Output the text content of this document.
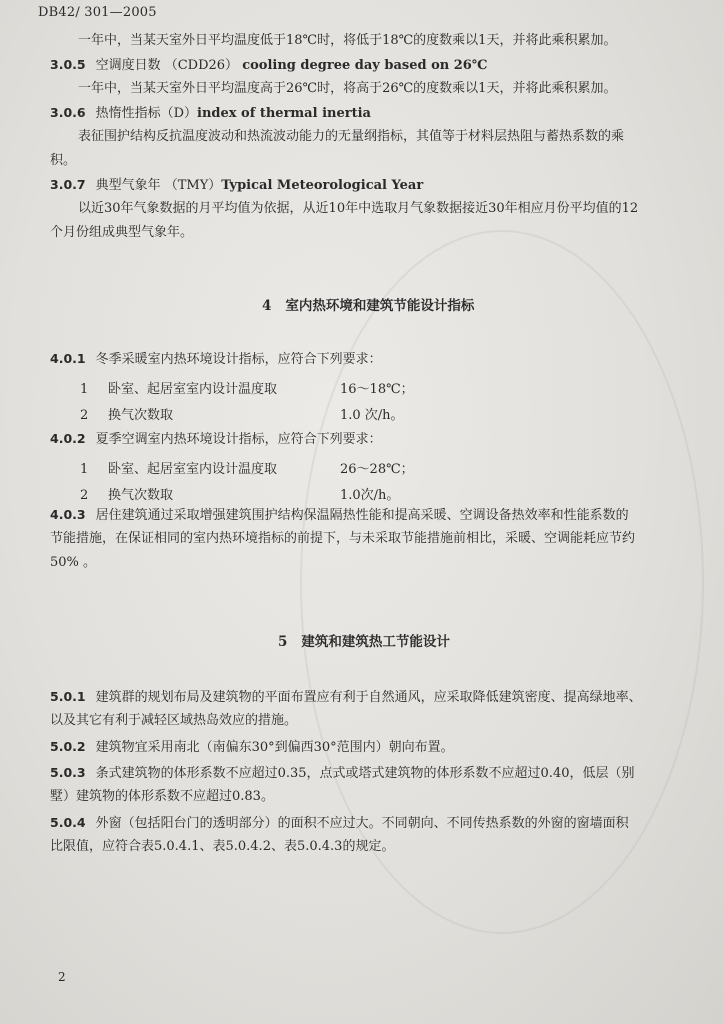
DB42/ 301—2005
一年中，当某天室外日平均温度低于18℃时，将低于18℃的度数乘以1天，并将此乘积累加。
3.0.5 空调度日数 （CDD26） cooling degree day based on 26℃
一年中，当某天室外日平均温度高于26℃时，将高于26℃的度数乘以1天，并将此乘积累加。
3.0.6 热惰性指标（D）index of thermal inertia
表征围护结构反抗温度波动和热流波动能力的无量纲指标，其值等于材料层热阻与蓄热系数的乘
积。
3.0.7 典型气象年 （TMY）Typical Meteorological Year
以近30年气象数据的月平均值为依据，从近10年中选取月气象数据接近30年相应月份平均值的12
个月份组成典型气象年。
4 室内热环境和建筑节能设计指标
4.0.1 冬季采暖室内热环境设计指标，应符合下列要求：
1 卧室、起居室室内设计温度取	16～18℃；
2 换气次数取	1.0 次/h。
4.0.2 夏季空调室内热环境设计指标，应符合下列要求：
1 卧室、起居室室内设计温度取	26～28℃；
2 换气次数取	1.0次/h。
4.0.3 居住建筑通过采取增强建筑围护结构保温隔热性能和提高采暖、空调设备热效率和性能系数的
节能措施，在保证相同的室内热环境指标的前提下，与未采取节能措施前相比，采暖、空调能耗应节约
50% 。
5 建筑和建筑热工节能设计
5.0.1 建筑群的规划布局及建筑物的平面布置应有利于自然通风，应采取降低建筑密度、提高绿地率、
以及其它有利于减轻区域热岛效应的措施。
5.0.2 建筑物宜采用南北（南偏东30°到偏西30°范围内）朝向布置。
5.0.3 条式建筑物的体形系数不应超过0.35，点式或塔式建筑物的体形系数不应超过0.40，低层（别
墅）建筑物的体形系数不应超过0.83。
5.0.4 外窗（包括阳台门的透明部分）的面积不应过大。不同朝向、不同传热系数的外窗的窗墙面积
比限值，应符合表5.0.4.1、表5.0.4.2、表5.0.4.3的规定。
2
